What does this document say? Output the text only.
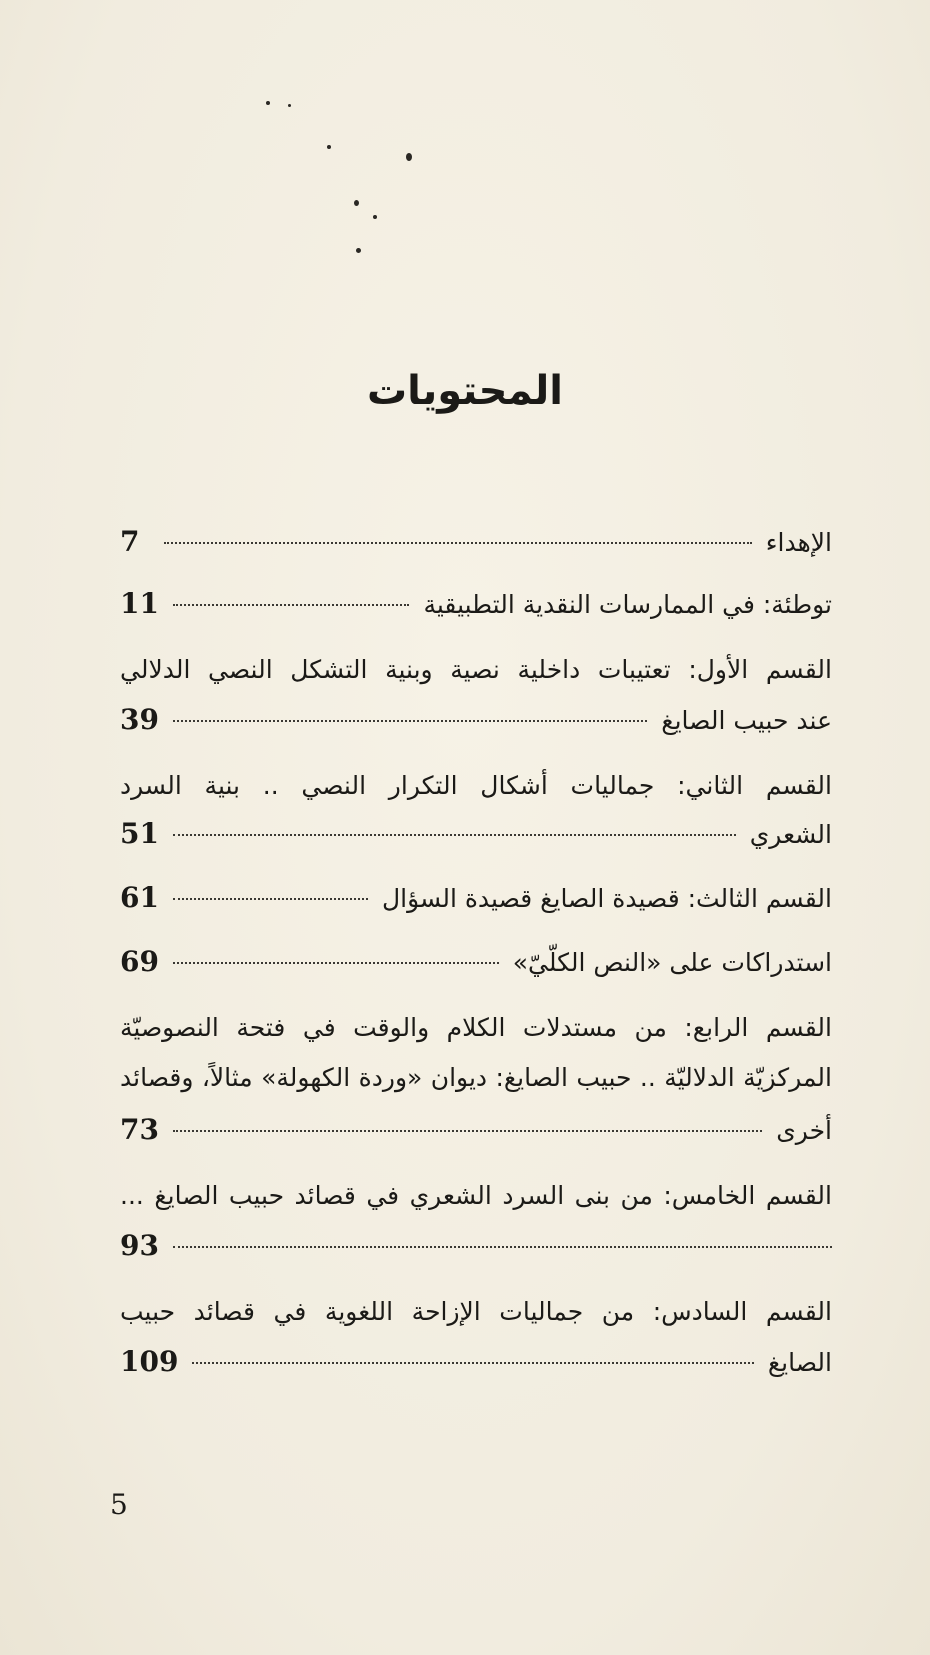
المحتويات
الإهداء
7
توطئة: في الممارسات النقدية التطبيقية
11
القسم الأول: تعتيبات داخلية نصية وبنية التشكل النصي الدلالي
عند حبيب الصايغ
39
القسم الثاني: جماليات أشكال التكرار النصي .. بنية السرد
الشعري
51
القسم الثالث: قصيدة الصايغ قصيدة السؤال
61
استدراكات على «النص الكلّيّ»
69
القسم الرابع: من مستدلات الكلام والوقت في فتحة النصوصيّة
المركزيّة الدلاليّة .. حبيب الصايغ: ديوان «وردة الكهولة» مثالاً، وقصائد
أخرى
73
القسم الخامس: من بنى السرد الشعري في قصائد حبيب الصايغ ...
93
القسم السادس: من جماليات الإزاحة اللغوية في قصائد حبيب
الصايغ
109
5
